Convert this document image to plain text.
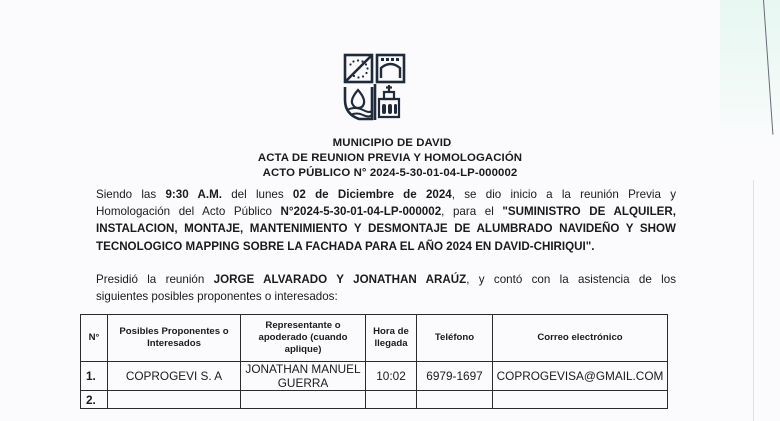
MUNICIPIO DE DAVID
ACTA DE REUNION PREVIA Y HOMOLOGACIÓN
ACTO PÚBLICO N° 2024-5-30-01-04-LP-000002
Siendo las 9:30 A.M. del lunes 02 de Diciembre de 2024, se dio inicio a la reunión Previa y
Homologación del Acto Público N°2024-5-30-01-04-LP-000002, para el "SUMINISTRO DE ALQUILER,
INSTALACION, MONTAJE, MANTENIMIENTO Y DESMONTAJE DE ALUMBRADO NAVIDEÑO Y SHOW
TECNOLOGICO MAPPING SOBRE LA FACHADA PARA EL AÑO 2024 EN DAVID-CHIRIQUI".
Presidió la reunión JORGE ALVARADO Y JONATHAN ARAÚZ, y contó con la asistencia de los
siguientes posibles proponentes o interesados:
N°	Posibles Proponentes o Interesados	Representante o apoderado (cuando aplique)	Hora de llegada	Teléfono	Correo electrónico
1.	COPROGEVI S. A	JONATHAN MANUEL GUERRA	10:02	6979-1697	COPROGEVISA@GMAIL.COM
2.					
